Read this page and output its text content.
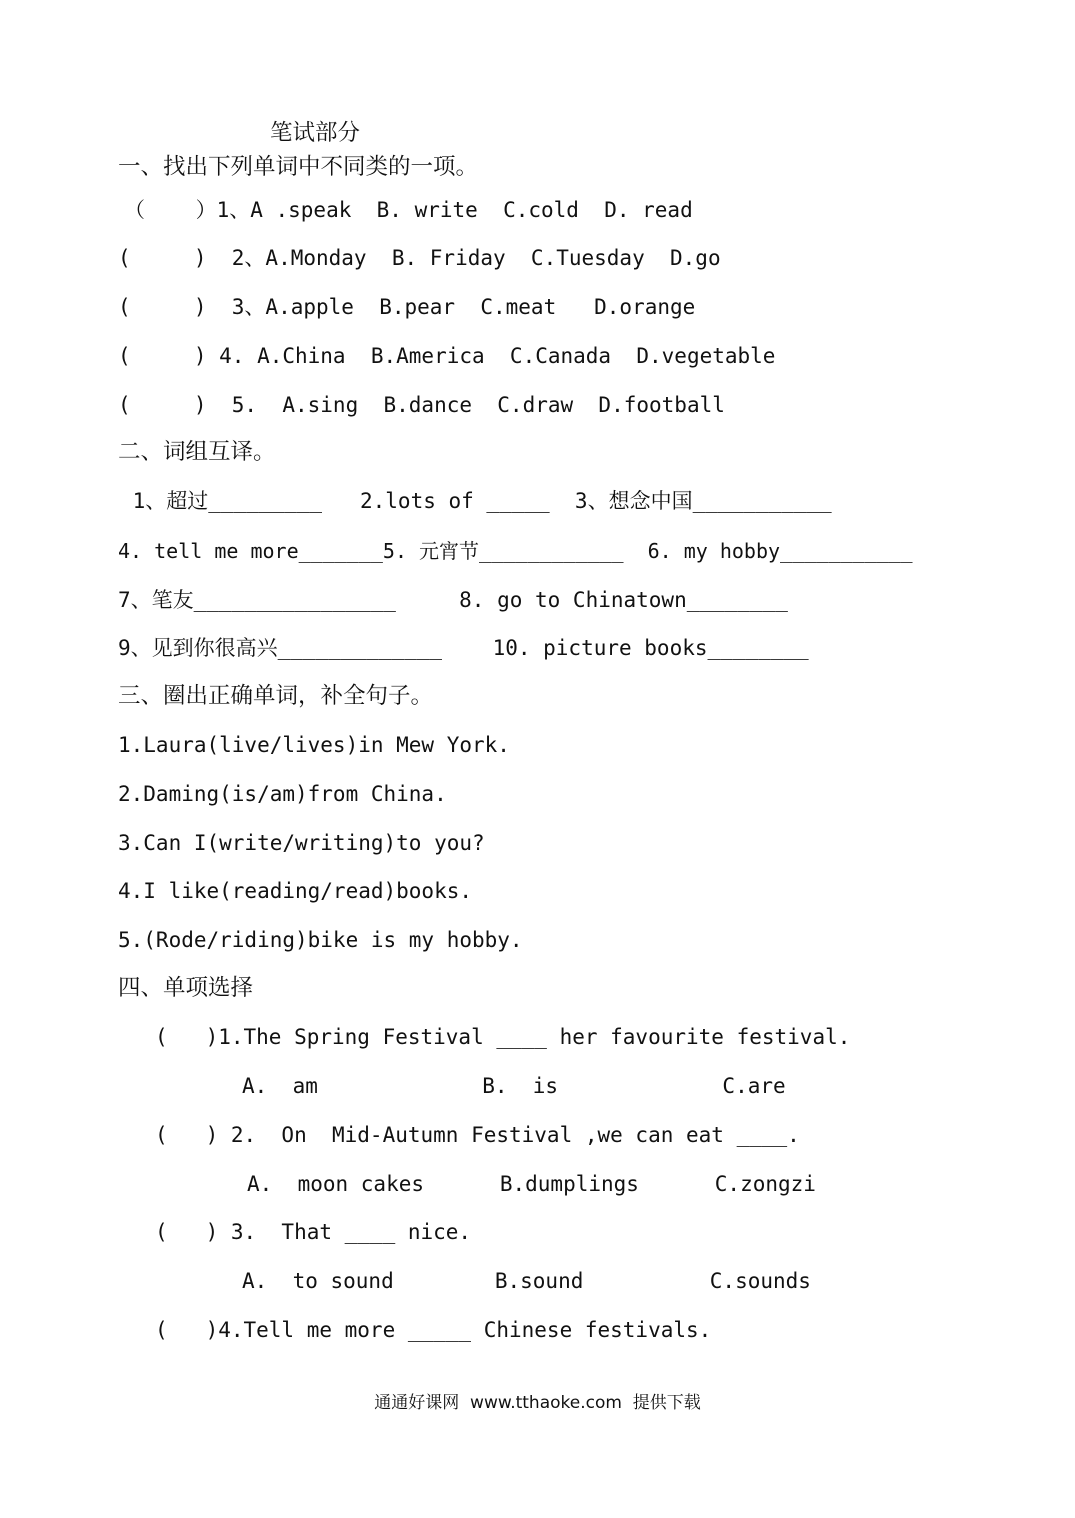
笔试部分
一、找出下列单词中不同类的一项。
（    ）1、A .speak  B. write  C.cold  D. read
(     )  2、A.Monday  B. Friday  C.Tuesday  D.go
(     )  3、A.apple  B.pear  C.meat   D.orange
(     ) 4. A.China  B.America  C.Canada  D.vegetable
(     )  5.  A.sing  B.dance  C.draw  D.football
二、词组互译。
1、超过_________   2.lots of _____  3、想念中国___________
4. tell me more_______5. 元宵节____________  6. my hobby___________
7、笔友________________     8. go to Chinatown________
9、见到你很高兴_____________    10. picture books________
三、圈出正确单词，补全句子。
1.Laura(live/lives)in Mew York.
2.Daming(is/am)from China.
3.Can I(write/writing)to you?
4.I like(reading/read)books.
5.(Rode/riding)bike is my hobby.
四、单项选择
(   )1.The Spring Festival ____ her favourite festival.
A.  am             B.  is             C.are
(   ) 2.  On  Mid-Autumn Festival ,we can eat ____.
A.  moon cakes      B.dumplings      C.zongzi
(   ) 3.  That ____ nice.
A.  to sound        B.sound          C.sounds
(   )4.Tell me more _____ Chinese festivals.
通通好课网  www.tthaoke.com  提供下载
